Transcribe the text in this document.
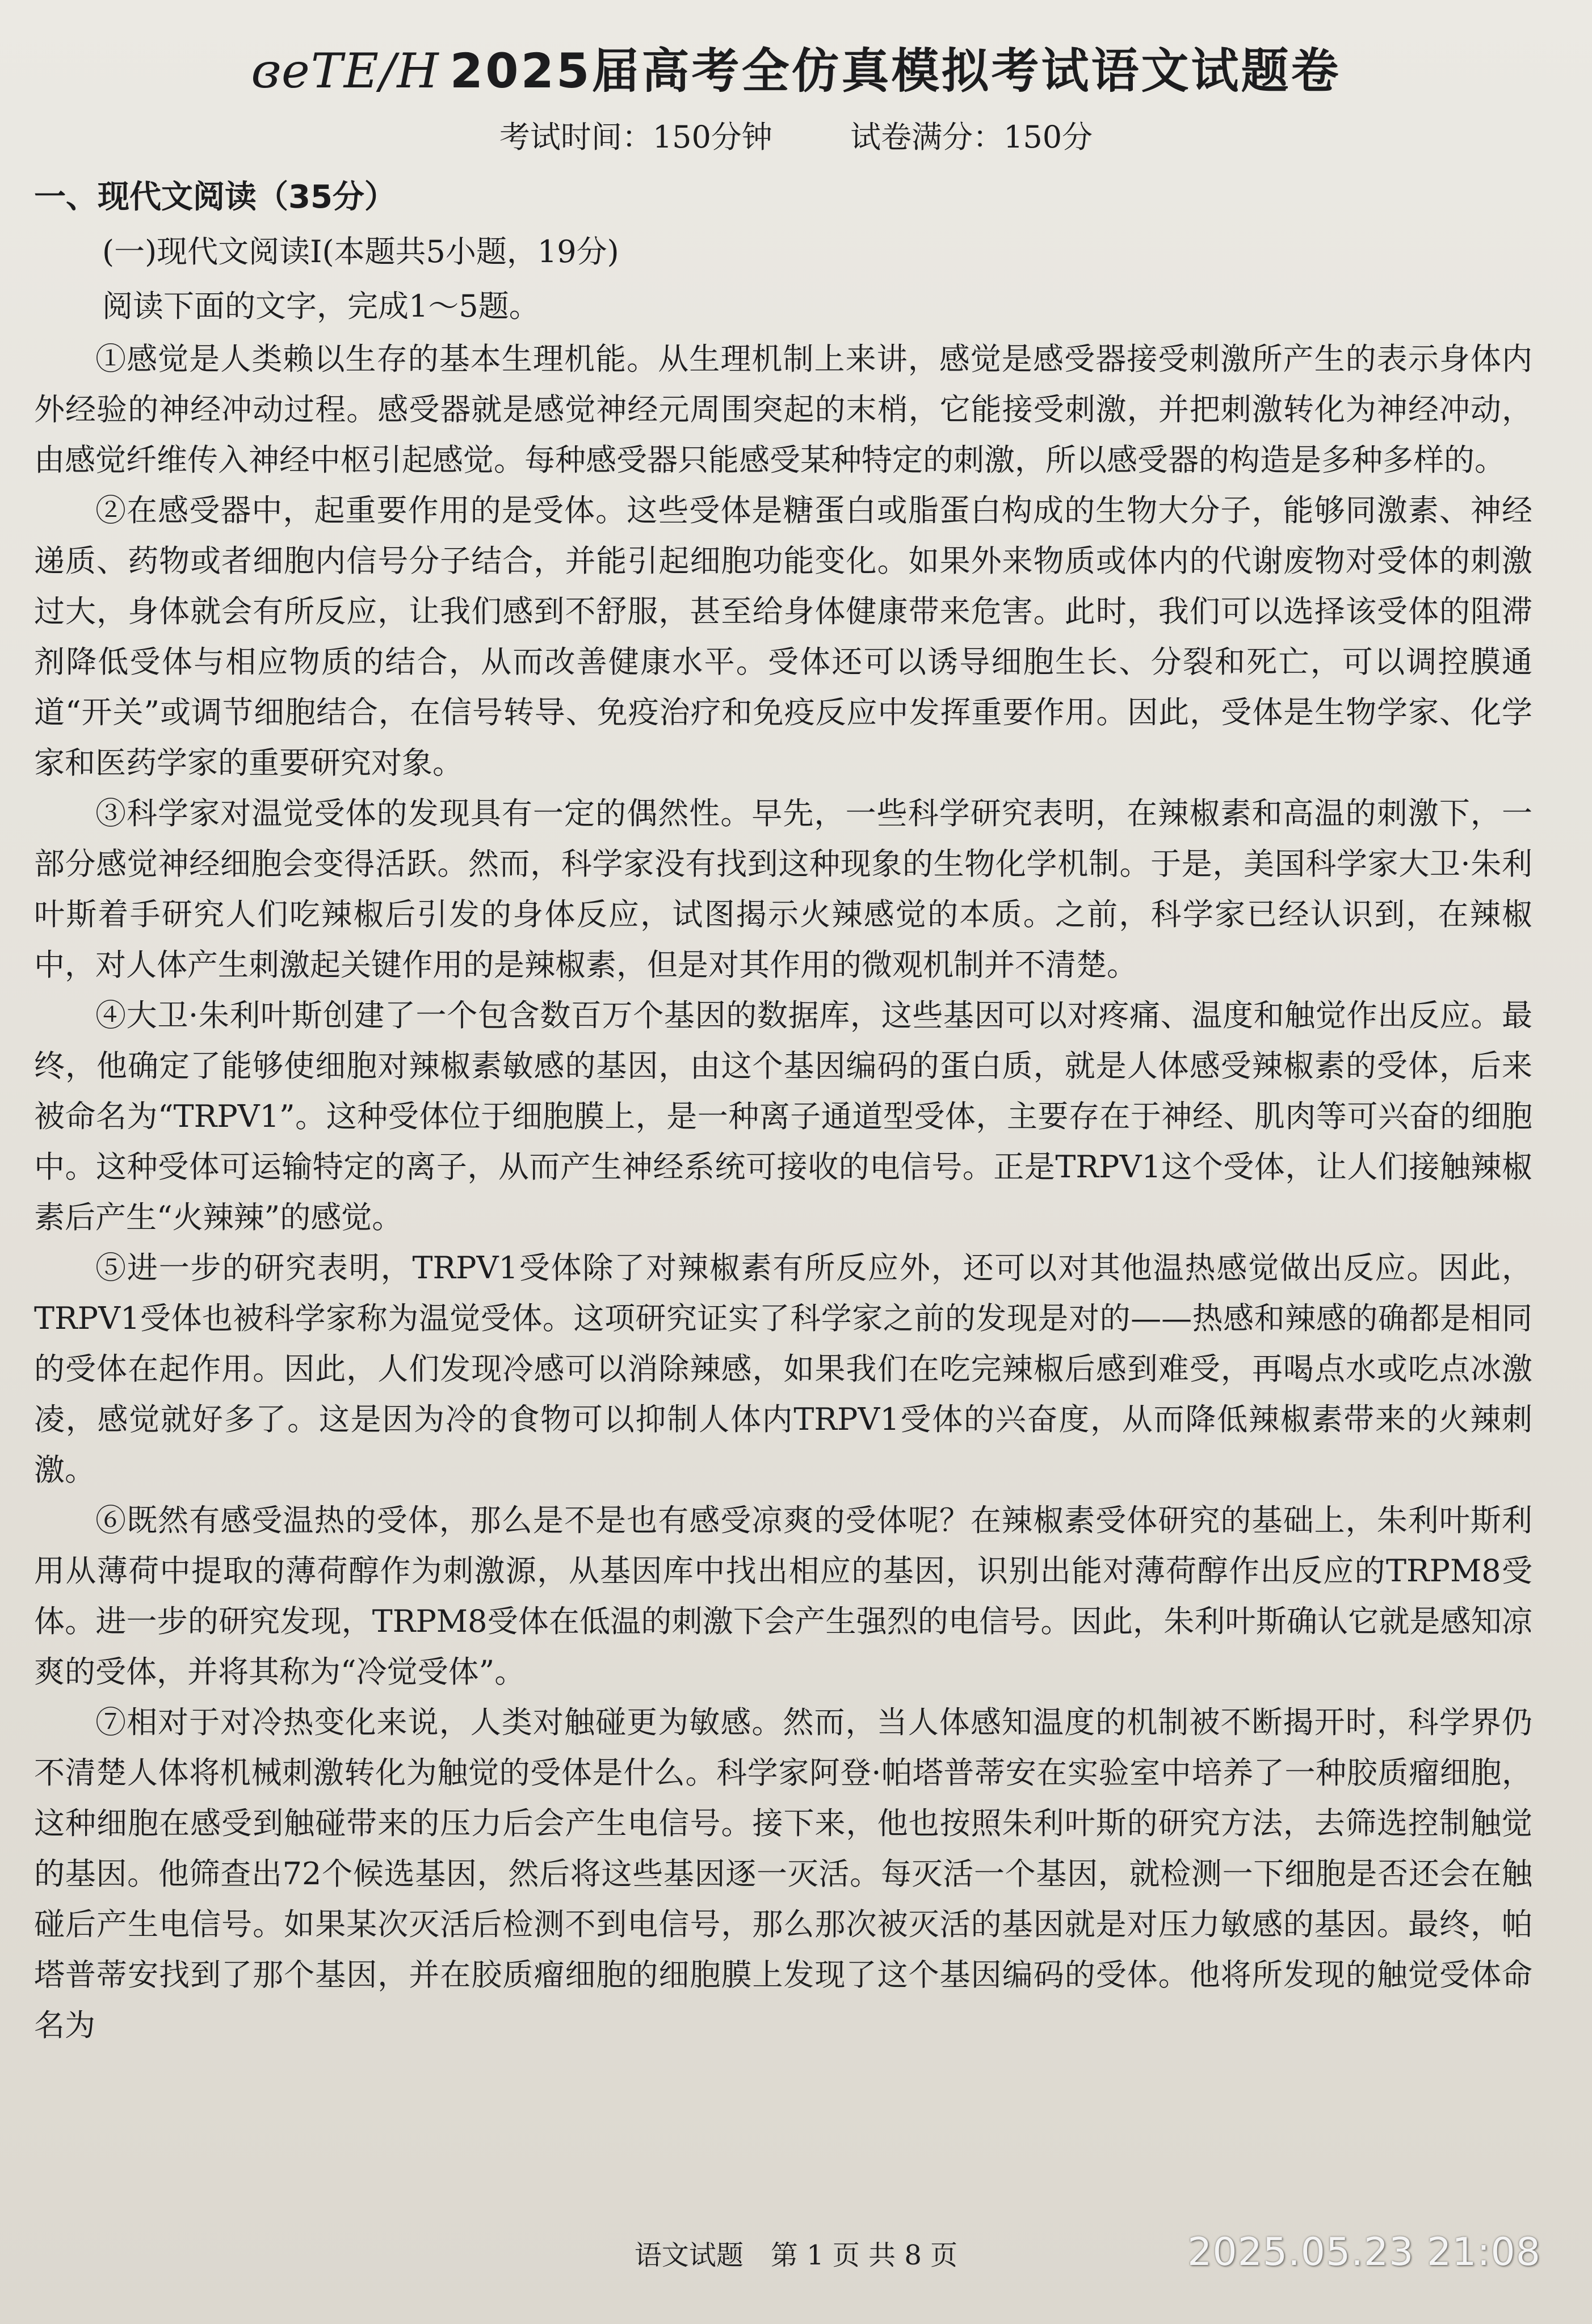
ɞeTE/H 2025届高考全仿真模拟考试语文试题卷
考试时间：150分钟	试卷满分：150分

一、现代文阅读（35分）

(一)现代文阅读Ⅰ(本题共5小题，19分)

阅读下面的文字，完成1～5题。

①感觉是人类赖以生存的基本生理机能。从生理机制上来讲，感觉是感受器接受刺激所产生的表示身体内外经验的神经冲动过程。感受器就是感觉神经元周围突起的末梢，它能接受刺激，并把刺激转化为神经冲动，由感觉纤维传入神经中枢引起感觉。每种感受器只能感受某种特定的刺激，所以感受器的构造是多种多样的。

②在感受器中，起重要作用的是受体。这些受体是糖蛋白或脂蛋白构成的生物大分子，能够同激素、神经递质、药物或者细胞内信号分子结合，并能引起细胞功能变化。如果外来物质或体内的代谢废物对受体的刺激过大，身体就会有所反应，让我们感到不舒服，甚至给身体健康带来危害。此时，我们可以选择该受体的阻滞剂降低受体与相应物质的结合，从而改善健康水平。受体还可以诱导细胞生长、分裂和死亡，可以调控膜通道“开关”或调节细胞结合，在信号转导、免疫治疗和免疫反应中发挥重要作用。因此，受体是生物学家、化学家和医药学家的重要研究对象。

③科学家对温觉受体的发现具有一定的偶然性。早先，一些科学研究表明，在辣椒素和高温的刺激下，一部分感觉神经细胞会变得活跃。然而，科学家没有找到这种现象的生物化学机制。于是，美国科学家大卫·朱利叶斯着手研究人们吃辣椒后引发的身体反应，试图揭示火辣感觉的本质。之前，科学家已经认识到，在辣椒中，对人体产生刺激起关键作用的是辣椒素，但是对其作用的微观机制并不清楚。

④大卫·朱利叶斯创建了一个包含数百万个基因的数据库，这些基因可以对疼痛、温度和触觉作出反应。最终，他确定了能够使细胞对辣椒素敏感的基因，由这个基因编码的蛋白质，就是人体感受辣椒素的受体，后来被命名为“TRPV1”。这种受体位于细胞膜上，是一种离子通道型受体，主要存在于神经、肌肉等可兴奋的细胞中。这种受体可运输特定的离子，从而产生神经系统可接收的电信号。正是TRPV1这个受体，让人们接触辣椒素后产生“火辣辣”的感觉。

⑤进一步的研究表明，TRPV1受体除了对辣椒素有所反应外，还可以对其他温热感觉做出反应。因此，TRPV1受体也被科学家称为温觉受体。这项研究证实了科学家之前的发现是对的——热感和辣感的确都是相同的受体在起作用。因此，人们发现冷感可以消除辣感，如果我们在吃完辣椒后感到难受，再喝点水或吃点冰激凌，感觉就好多了。这是因为冷的食物可以抑制人体内TRPV1受体的兴奋度，从而降低辣椒素带来的火辣刺激。

⑥既然有感受温热的受体，那么是不是也有感受凉爽的受体呢？在辣椒素受体研究的基础上，朱利叶斯利用从薄荷中提取的薄荷醇作为刺激源，从基因库中找出相应的基因，识别出能对薄荷醇作出反应的TRPM8受体。进一步的研究发现，TRPM8受体在低温的刺激下会产生强烈的电信号。因此，朱利叶斯确认它就是感知凉爽的受体，并将其称为“冷觉受体”。

⑦相对于对冷热变化来说，人类对触碰更为敏感。然而，当人体感知温度的机制被不断揭开时，科学界仍不清楚人体将机械刺激转化为触觉的受体是什么。科学家阿登·帕塔普蒂安在实验室中培养了一种胶质瘤细胞，这种细胞在感受到触碰带来的压力后会产生电信号。接下来，他也按照朱利叶斯的研究方法，去筛选控制触觉的基因。他筛查出72个候选基因，然后将这些基因逐一灭活。每灭活一个基因，就检测一下细胞是否还会在触碰后产生电信号。如果某次灭活后检测不到电信号，那么那次被灭活的基因就是对压力敏感的基因。最终，帕塔普蒂安找到了那个基因，并在胶质瘤细胞的细胞膜上发现了这个基因编码的受体。他将所发现的触觉受体命名为

语文试题　第 1 页 共 8 页	2025.05.23 21:08
